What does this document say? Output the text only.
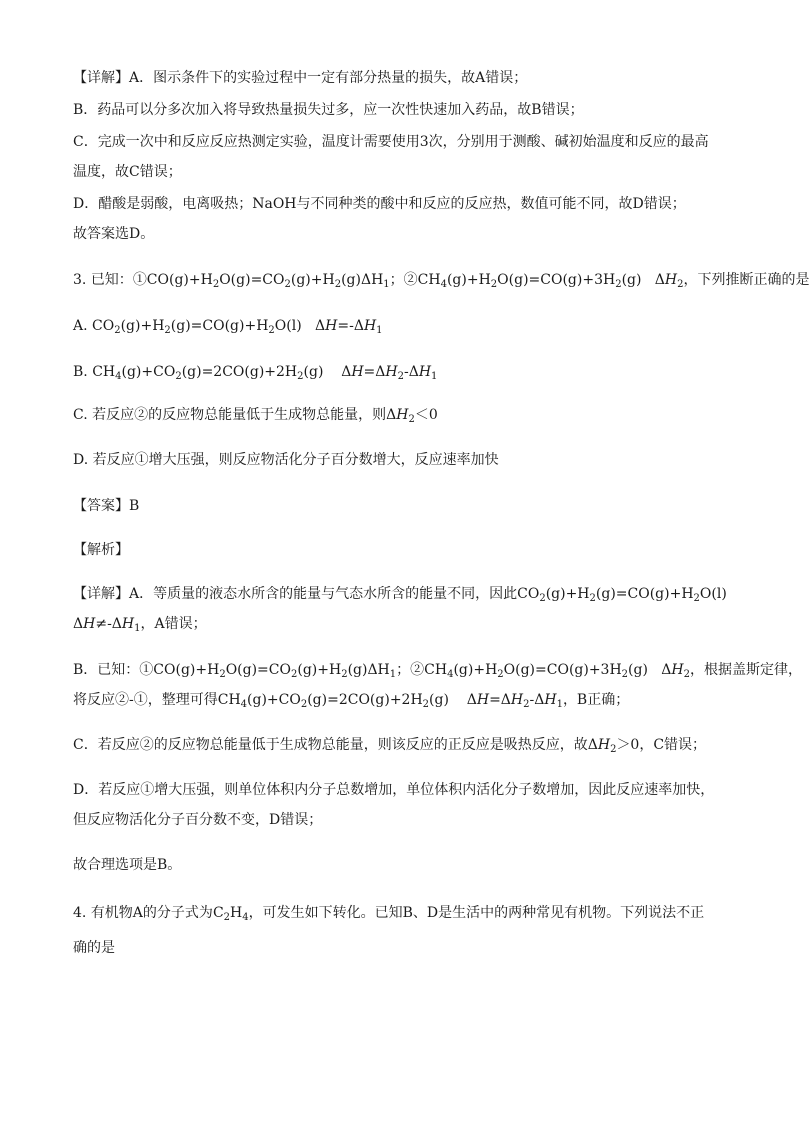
【详解】A．图示条件下的实验过程中一定有部分热量的损失，故A错误；
B．药品可以分多次加入将导致热量损失过多，应一次性快速加入药品，故B错误；
C．完成一次中和反应反应热测定实验，温度计需要使用3次，分别用于测酸、碱初始温度和反应的最高
温度，故C错误；
D．醋酸是弱酸，电离吸热；NaOH与不同种类的酸中和反应的反应热，数值可能不同，故D错误；
故答案选D。
3. 已知：$①CO(g)+H_2O(g)=CO_2(g)+H_2(g)\Delta H_1$；$②CH_4(g)+H_2O(g)=CO(g)+3H_2(g)$   $\Delta H_2$，下列推断正确的是
A. $CO_2(g)+H_2(g)=CO(g)+H_2O(l)$   $\Delta H=-\Delta H_1$
B. $CH_4(g)+CO_2(g)=2CO(g)+2H_2(g)$    $\Delta H=\Delta H_2-\Delta H_1$
C. 若反应②的反应物总能量低于生成物总能量，则$\Delta H_2<0$
D. 若反应①增大压强，则反应物活化分子百分数增大，反应速率加快
【答案】B
【解析】
【详解】A．等质量的液态水所含的能量与气态水所含的能量不同，因此$CO_2(g)+H_2(g)=CO(g)+H_2O(l)$
$\Delta H\ne-\Delta H_1$，A错误；
B．已知：$①CO(g)+H_2O(g)=CO_2(g)+H_2(g)\Delta H_1$；$②CH_4(g)+H_2O(g)=CO(g)+3H_2(g)$   $\Delta H_2$，根据盖斯定律，
将反应②-①，整理可得$CH_4(g)+CO_2(g)=2CO(g)+2H_2(g)$    $\Delta H=\Delta H_2-\Delta H_1$，B正确；
C．若反应②的反应物总能量低于生成物总能量，则该反应的正反应是吸热反应，故$\Delta H_2>0$，C错误；
D．若反应①增大压强，则单位体积内分子总数增加，单位体积内活化分子数增加，因此反应速率加快，
但反应物活化分子百分数不变，D错误；
故合理选项是B。
4. 有机物A的分子式为$C_2H_4$，可发生如下转化。已知B、D是生活中的两种常见有机物。下列说法不正
确的是
